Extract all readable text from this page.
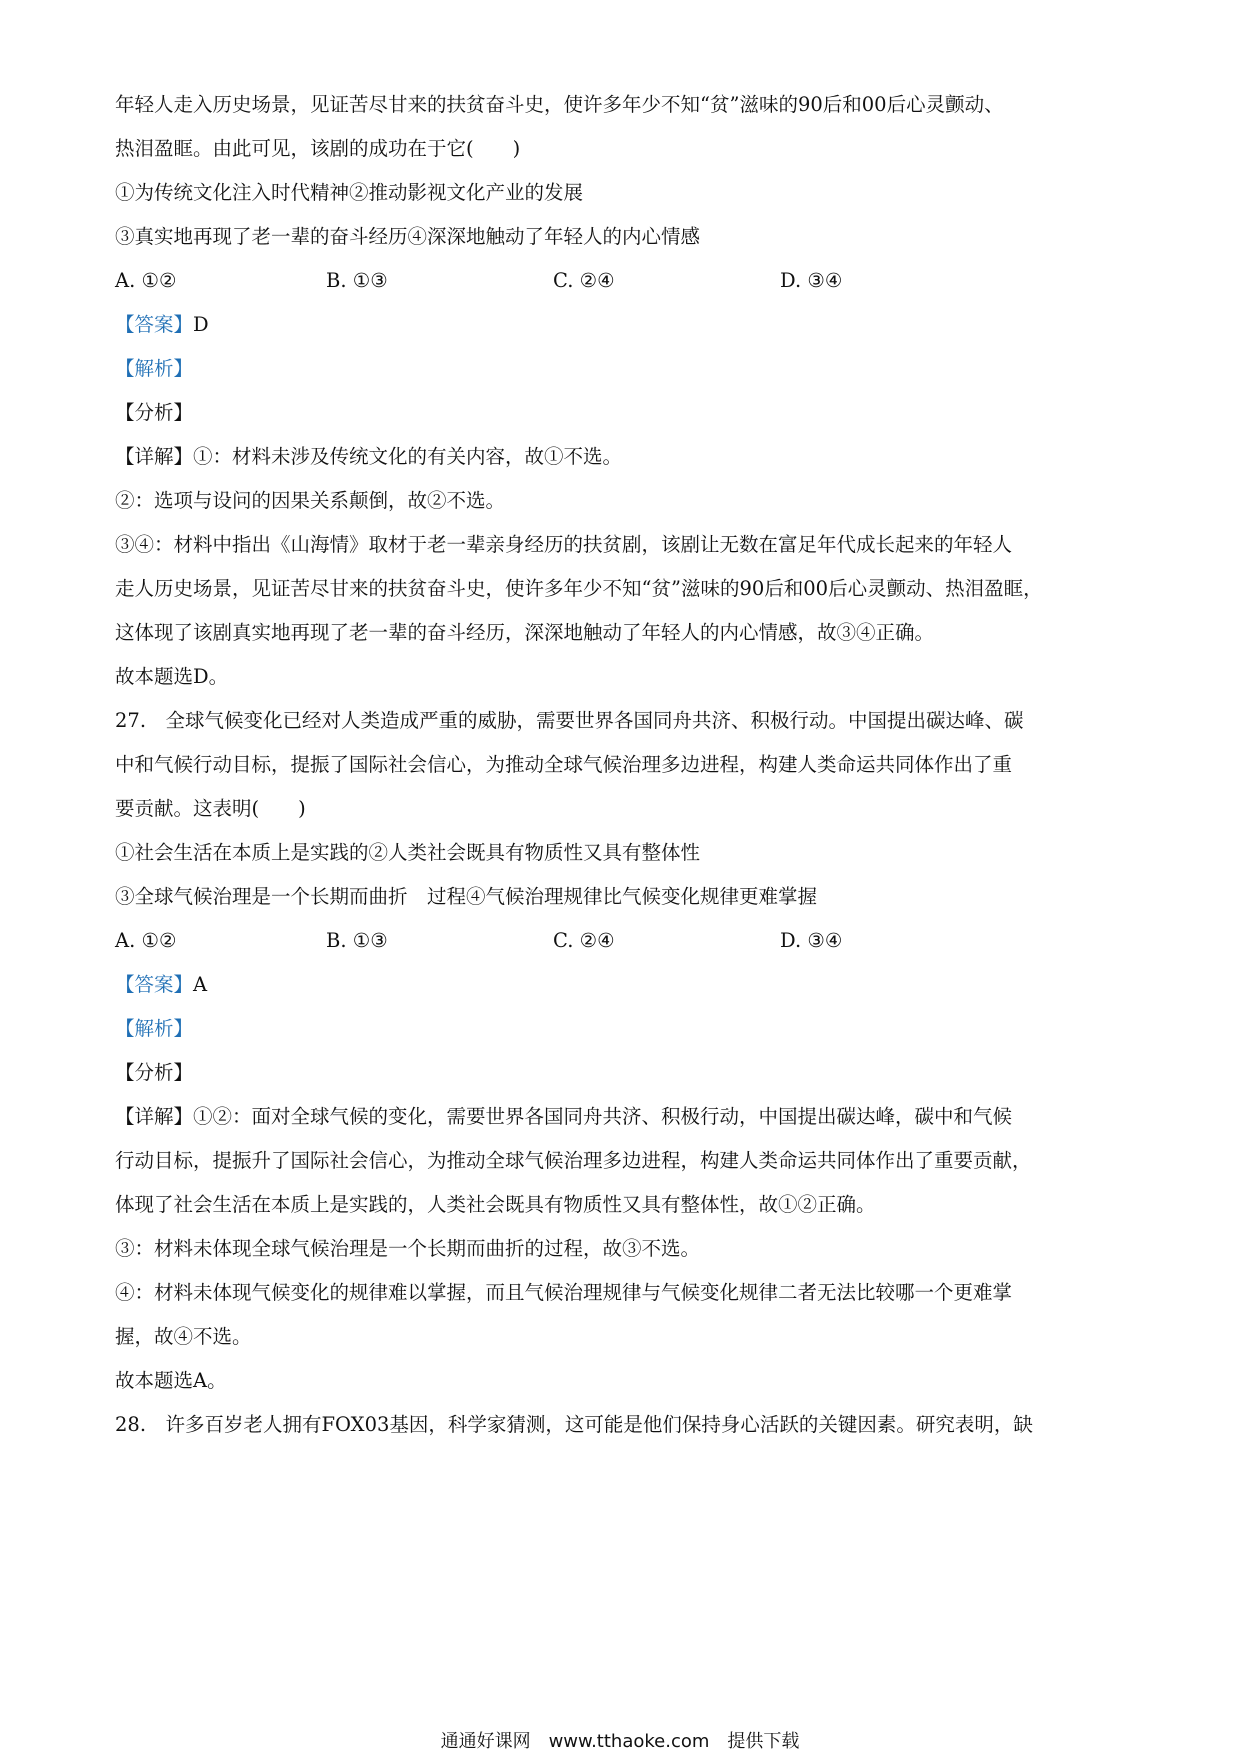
年轻人走入历史场景，见证苦尽甘来的扶贫奋斗史，使许多年少不知“贫”滋味的90后和00后心灵颤动、
热泪盈眶。由此可见，该剧的成功在于它(　　)
①为传统文化注入时代精神②推动影视文化产业的发展
③真实地再现了老一辈的奋斗经历④深深地触动了年轻人的内心情感
A. ①②	B. ①③	C. ②④	D. ③④
【答案】D
【解析】
【分析】
【详解】①：材料未涉及传统文化的有关内容，故①不选。
②：选项与设问的因果关系颠倒，故②不选。
③④：材料中指出《山海情》取材于老一辈亲身经历的扶贫剧，该剧让无数在富足年代成长起来的年轻人
走人历史场景，见证苦尽甘来的扶贫奋斗史，使许多年少不知“贫”滋味的90后和00后心灵颤动、热泪盈眶，
这体现了该剧真实地再现了老一辈的奋斗经历，深深地触动了年轻人的内心情感，故③④正确。
故本题选D。
27.　全球气候变化已经对人类造成严重的威胁，需要世界各国同舟共济、积极行动。中国提出碳达峰、碳
中和气候行动目标，提振了国际社会信心，为推动全球气候治理多边进程，构建人类命运共同体作出了重
要贡献。这表明(　　)
①社会生活在本质上是实践的②人类社会既具有物质性又具有整体性
③全球气候治理是一个长期而曲折　过程④气候治理规律比气候变化规律更难掌握
A. ①②	B. ①③	C. ②④	D. ③④
【答案】A
【解析】
【分析】
【详解】①②：面对全球气候的变化，需要世界各国同舟共济、积极行动，中国提出碳达峰，碳中和气候
行动目标，提振升了国际社会信心，为推动全球气候治理多边进程，构建人类命运共同体作出了重要贡献，
体现了社会生活在本质上是实践的，人类社会既具有物质性又具有整体性，故①②正确。
③：材料未体现全球气候治理是一个长期而曲折的过程，故③不选。
④：材料未体现气候变化的规律难以掌握，而且气候治理规律与气候变化规律二者无法比较哪一个更难掌
握，故④不选。
故本题选A。
28.　许多百岁老人拥有FOX03基因，科学家猜测，这可能是他们保持身心活跃的关键因素。研究表明，缺
通通好课网　www.tthaoke.com　提供下载
